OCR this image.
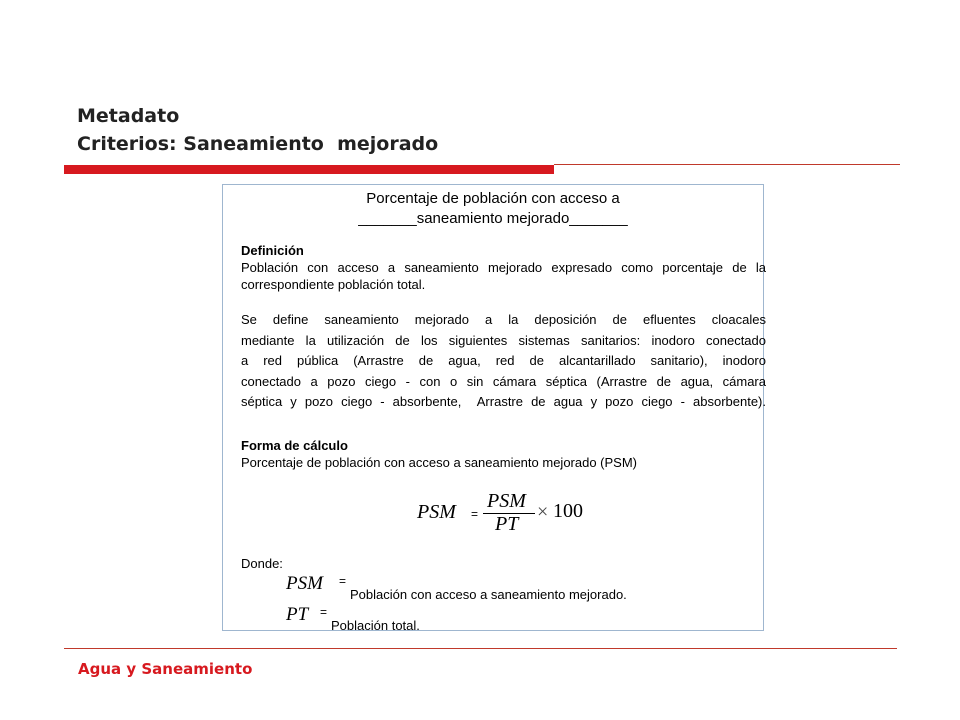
Metadato
Criterios: Saneamiento  mejorado
Porcentaje de población con acceso a
_______saneamiento mejorado_______
Definición
Población con acceso a saneamiento mejorado expresado como porcentaje de la correspondiente población total.
Se define saneamiento mejorado a la deposición de efluentes cloacales
mediante la utilización de los siguientes sistemas sanitarios: inodoro conectado
a red pública (Arrastre de agua, red de alcantarillado sanitario), inodoro
conectado a pozo ciego - con o sin cámara séptica (Arrastre de agua, cámara
séptica y pozo ciego - absorbente,  Arrastre de agua y pozo ciego - absorbente).
Forma de cálculo
Porcentaje de población con acceso a saneamiento mejorado (PSM)
PSM =
PSM
PT
× 100
Donde:
PSM =
Población con acceso a saneamiento mejorado.
PT =
Población total.
Agua y Saneamiento
